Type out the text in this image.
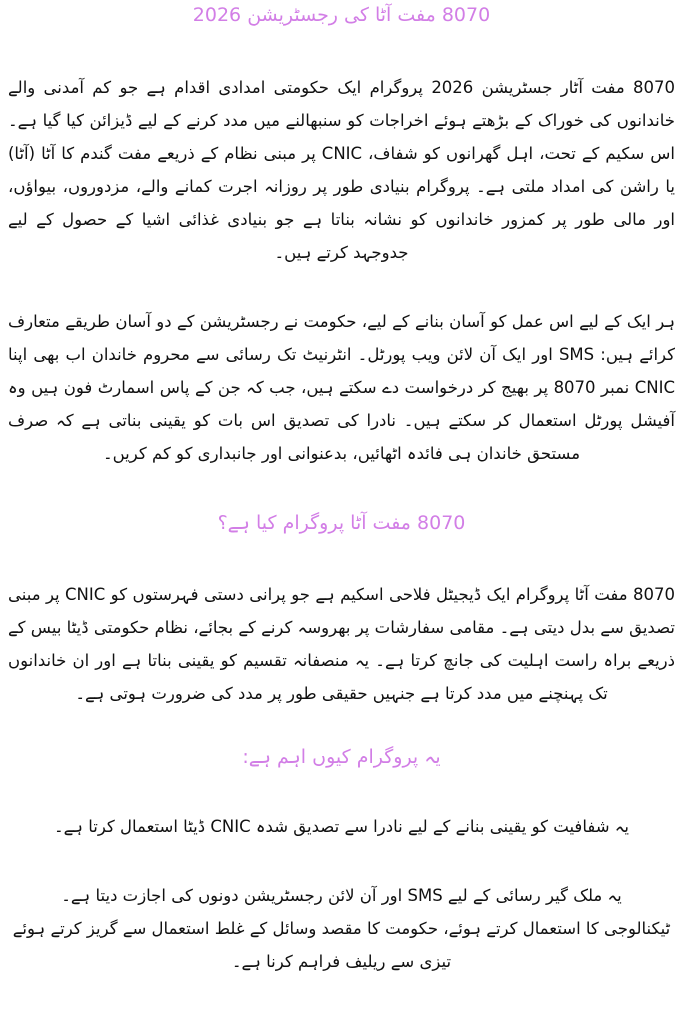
8070 مفت آٹا کی رجسٹریشن 2026

8070 مفت آٹار جسٹریشن 2026 پروگرام ایک حکومتی امدادی اقدام ہے جو کم آمدنی والے خاندانوں کی خوراک کے بڑھتے ہوئے اخراجات کو سنبھالنے میں مدد کرنے کے لیے ڈیزائن کیا گیا ہے۔ اس سکیم کے تحت، اہل گھرانوں کو شفاف، CNIC پر مبنی نظام کے ذریعے مفت گندم کا آٹا (آٹا) یا راشن کی امداد ملتی ہے۔ پروگرام بنیادی طور پر روزانہ اجرت کمانے والے، مزدوروں، بیواؤں، اور مالی طور پر کمزور خاندانوں کو نشانہ بناتا ہے جو بنیادی غذائی اشیا کے حصول کے لیے جدوجہد کرتے ہیں۔

ہر ایک کے لیے اس عمل کو آسان بنانے کے لیے، حکومت نے رجسٹریشن کے دو آسان طریقے متعارف کرائے ہیں: SMS اور ایک آن لائن ویب پورٹل۔ انٹرنیٹ تک رسائی سے محروم خاندان اب بھی اپنا CNIC نمبر 8070 پر بھیج کر درخواست دے سکتے ہیں، جب کہ جن کے پاس اسمارٹ فون ہیں وہ آفیشل پورٹل استعمال کر سکتے ہیں۔ نادرا کی تصدیق اس بات کو یقینی بناتی ہے کہ صرف مستحق خاندان ہی فائدہ اٹھائیں، بدعنوانی اور جانبداری کو کم کریں۔

8070 مفت آٹا پروگرام کیا ہے؟

8070 مفت آٹا پروگرام ایک ڈیجیٹل فلاحی اسکیم ہے جو پرانی دستی فہرستوں کو CNIC پر مبنی تصدیق سے بدل دیتی ہے۔ مقامی سفارشات پر بھروسہ کرنے کے بجائے، نظام حکومتی ڈیٹا بیس کے ذریعے براہ راست اہلیت کی جانچ کرتا ہے۔ یہ منصفانہ تقسیم کو یقینی بناتا ہے اور ان خاندانوں تک پہنچنے میں مدد کرتا ہے جنہیں حقیقی طور پر مدد کی ضرورت ہوتی ہے۔

یہ پروگرام کیوں اہم ہے:

یہ شفافیت کو یقینی بنانے کے لیے نادرا سے تصدیق شدہ CNIC ڈیٹا استعمال کرتا ہے۔

یہ ملک گیر رسائی کے لیے SMS اور آن لائن رجسٹریشن دونوں کی اجازت دیتا ہے۔

ٹیکنالوجی کا استعمال کرتے ہوئے، حکومت کا مقصد وسائل کے غلط استعمال سے گریز کرتے ہوئے تیزی سے ریلیف فراہم کرنا ہے۔
